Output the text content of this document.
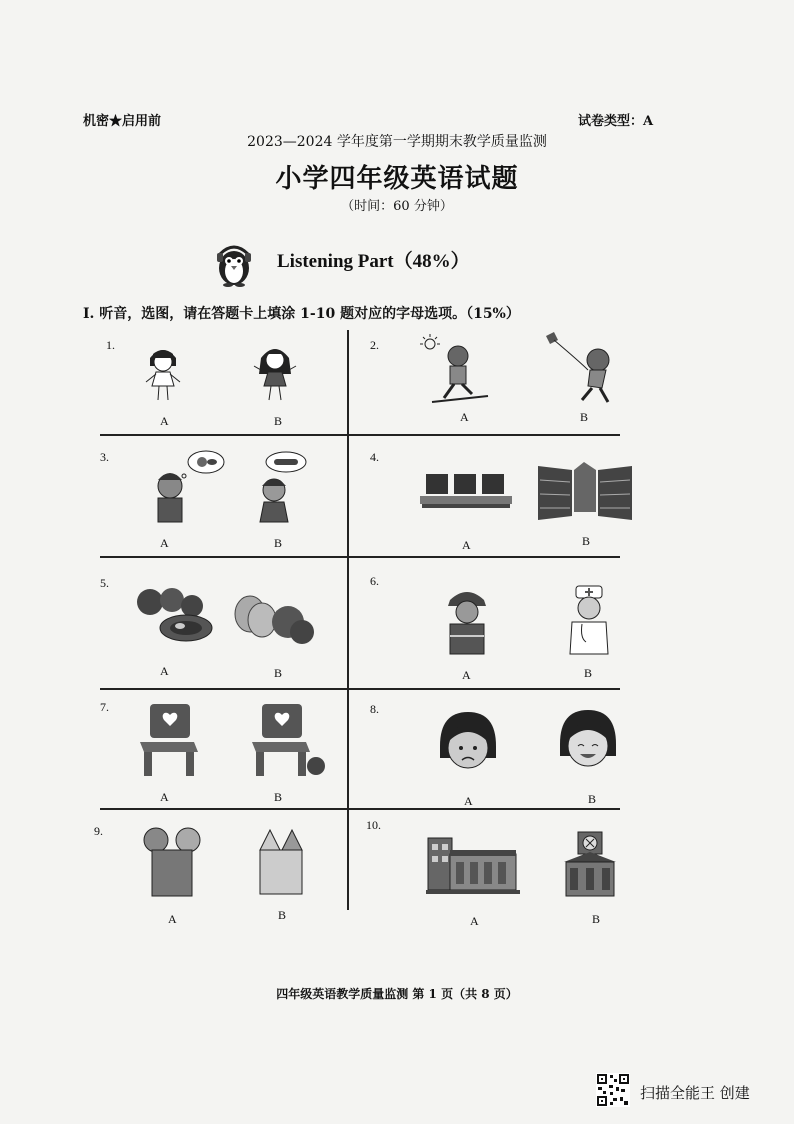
机密★启用前	试卷类型：A
2023—2024 学年度第一学期期末教学质量监测
小学四年级英语试题
（时间：60 分钟）
Listening Part（48%）
I. 听音，选图，请在答题卡上填涂 1-10 题对应的字母选项。（15%）
1.
A	B
2.
A	B
3.
A	B
4.
A	B
5.
A	B
6.
A	B
7.
A	B
8.
A	B
9.
A	B
10.
A	B
四年级英语教学质量监测 第 1 页（共 8 页）
扫描全能王 创建
